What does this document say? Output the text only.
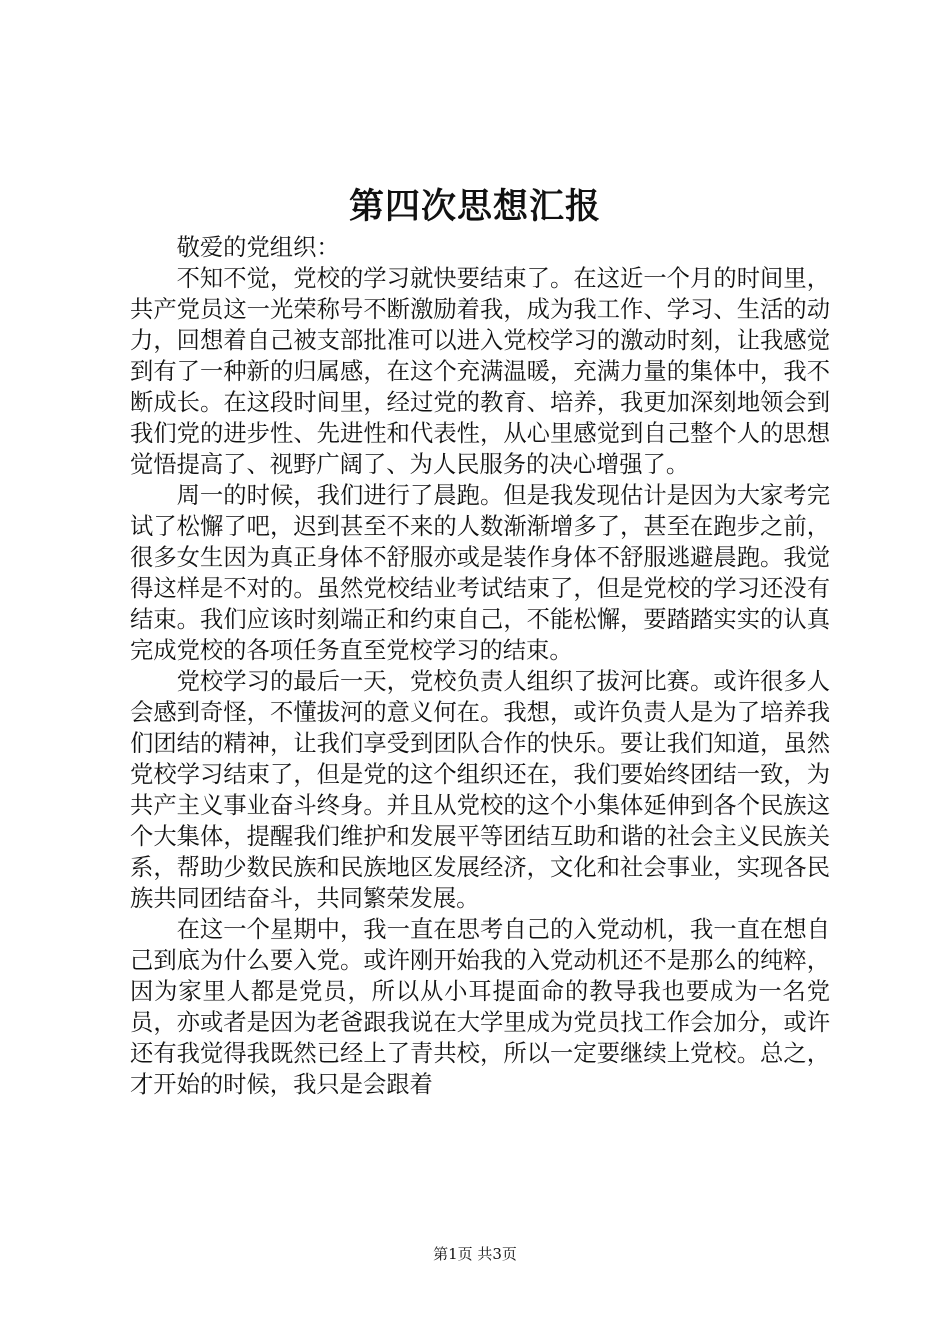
第四次思想汇报

敬爱的党组织：

不知不觉，党校的学习就快要结束了。在这近一个月的时间里，共产党员这一光荣称号不断激励着我，成为我工作、学习、生活的动力，回想着自己被支部批准可以进入党校学习的激动时刻，让我感觉到有了一种新的归属感，在这个充满温暖，充满力量的集体中，我不断成长。在这段时间里，经过党的教育、培养，我更加深刻地领会到我们党的进步性、先进性和代表性，从心里感觉到自己整个人的思想觉悟提高了、视野广阔了、为人民服务的决心增强了。

周一的时候，我们进行了晨跑。但是我发现估计是因为大家考完试了松懈了吧，迟到甚至不来的人数渐渐增多了，甚至在跑步之前，很多女生因为真正身体不舒服亦或是装作身体不舒服逃避晨跑。我觉得这样是不对的。虽然党校结业考试结束了，但是党校的学习还没有结束。我们应该时刻端正和约束自己，不能松懈，要踏踏实实的认真完成党校的各项任务直至党校学习的结束。

党校学习的最后一天，党校负责人组织了拔河比赛。或许很多人会感到奇怪，不懂拔河的意义何在。我想，或许负责人是为了培养我们团结的精神，让我们享受到团队合作的快乐。要让我们知道，虽然党校学习结束了，但是党的这个组织还在，我们要始终团结一致，为共产主义事业奋斗终身。并且从党校的这个小集体延伸到各个民族这个大集体，提醒我们维护和发展平等团结互助和谐的社会主义民族关系，帮助少数民族和民族地区发展经济，文化和社会事业，实现各民族共同团结奋斗，共同繁荣发展。

在这一个星期中，我一直在思考自己的入党动机，我一直在想自己到底为什么要入党。或许刚开始我的入党动机还不是那么的纯粹，因为家里人都是党员，所以从小耳提面命的教导我也要成为一名党员，亦或者是因为老爸跟我说在大学里成为党员找工作会加分，或许还有我觉得我既然已经上了青共校，所以一定要继续上党校。总之，才开始的时候，我只是会跟着

第1页 共3页
